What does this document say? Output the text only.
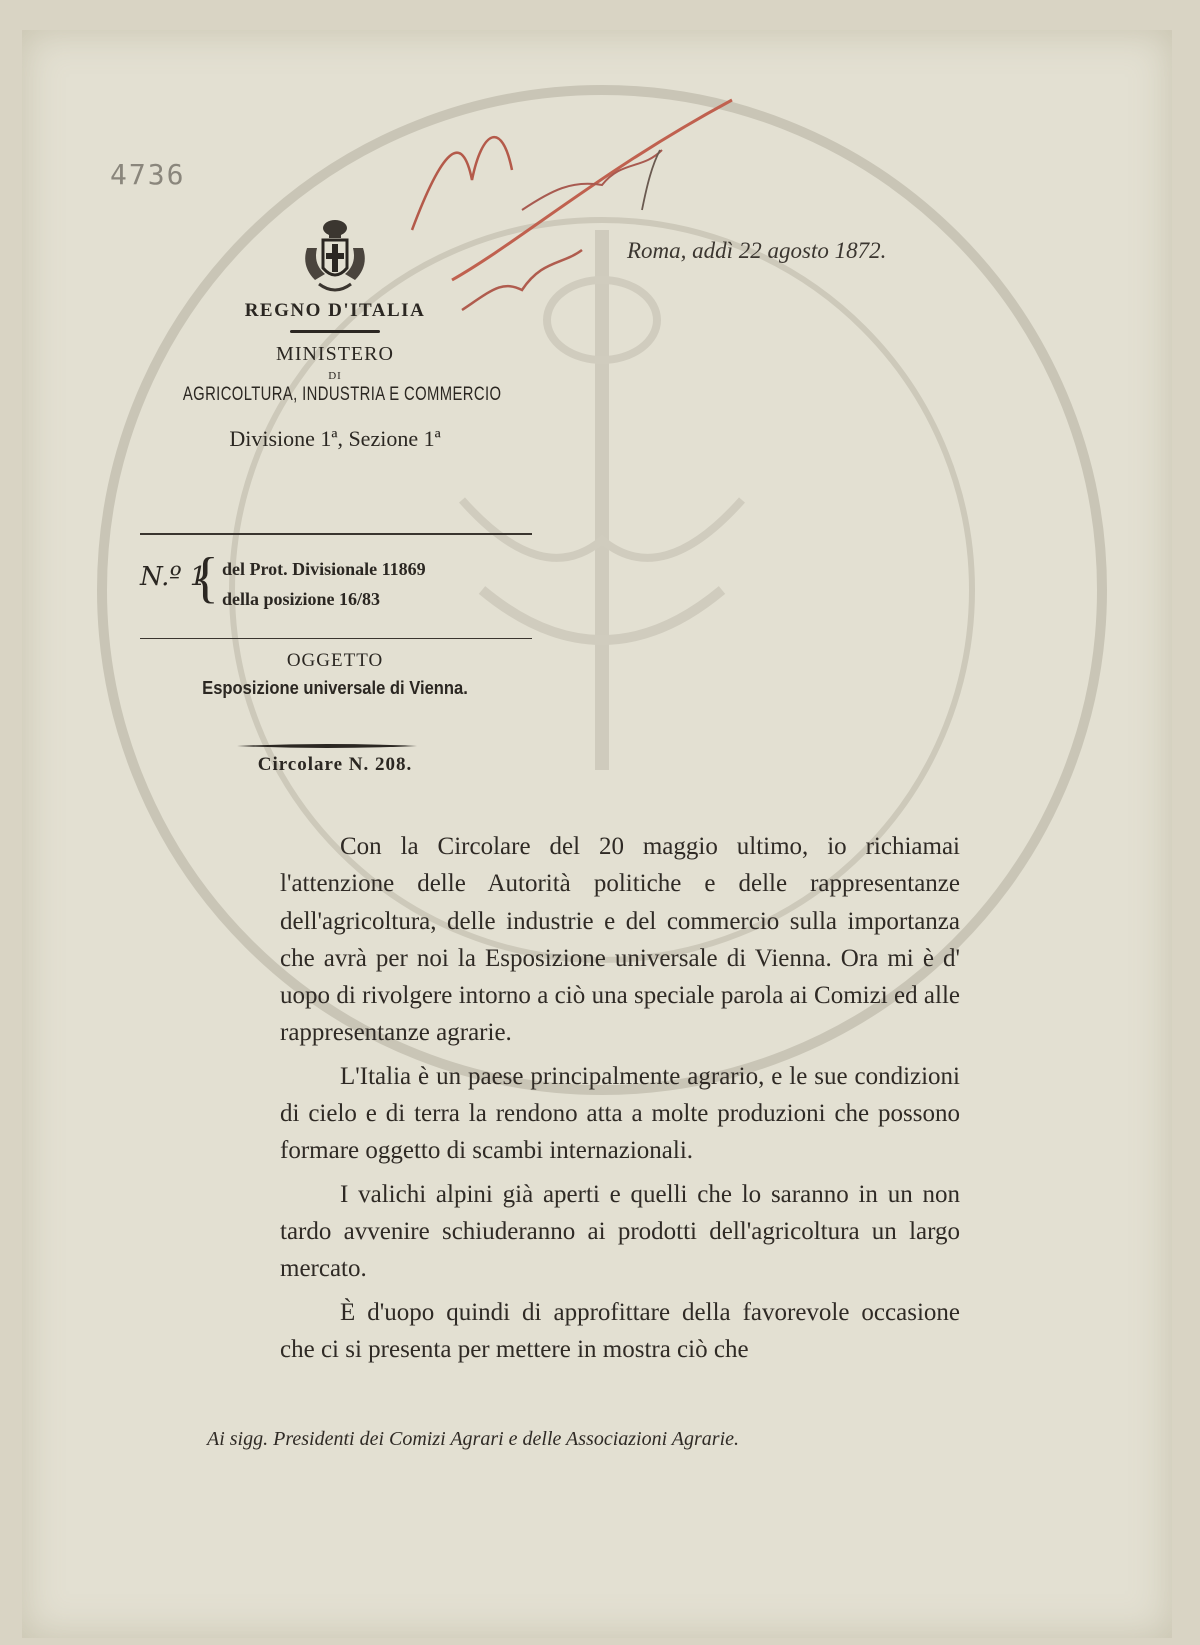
4736
Roma, addì 22 agosto 1872.
REGNO D'ITALIA
MINISTERO
DI
AGRICOLTURA, INDUSTRIA E COMMERCIO
Divisione 1ª, Sezione 1ª
N.º 1
{ del Prot. Divisionale 11869
della posizione 16/83
OGGETTO
Esposizione universale di Vienna.
Circolare N. 208.

Con la Circolare del 20 maggio ultimo, io richiamai l'attenzione delle Autorità politiche e delle rappresentanze dell'agricoltura, delle industrie e del commercio sulla importanza che avrà per noi la Esposizione universale di Vienna. Ora mi è d' uopo di rivolgere intorno a ciò una speciale parola ai Comizi ed alle rappresentanze agrarie.

L'Italia è un paese principalmente agrario, e le sue condizioni di cielo e di terra la rendono atta a molte produzioni che possono formare oggetto di scambi internazionali.

I valichi alpini già aperti e quelli che lo saranno in un non tardo avvenire schiuderanno ai prodotti dell'agricoltura un largo mercato.

È d'uopo quindi di approfittare della favorevole occasione che ci si presenta per mettere in mostra ciò che

Ai sigg. Presidenti dei Comizi Agrari e delle Associazioni Agrarie.
